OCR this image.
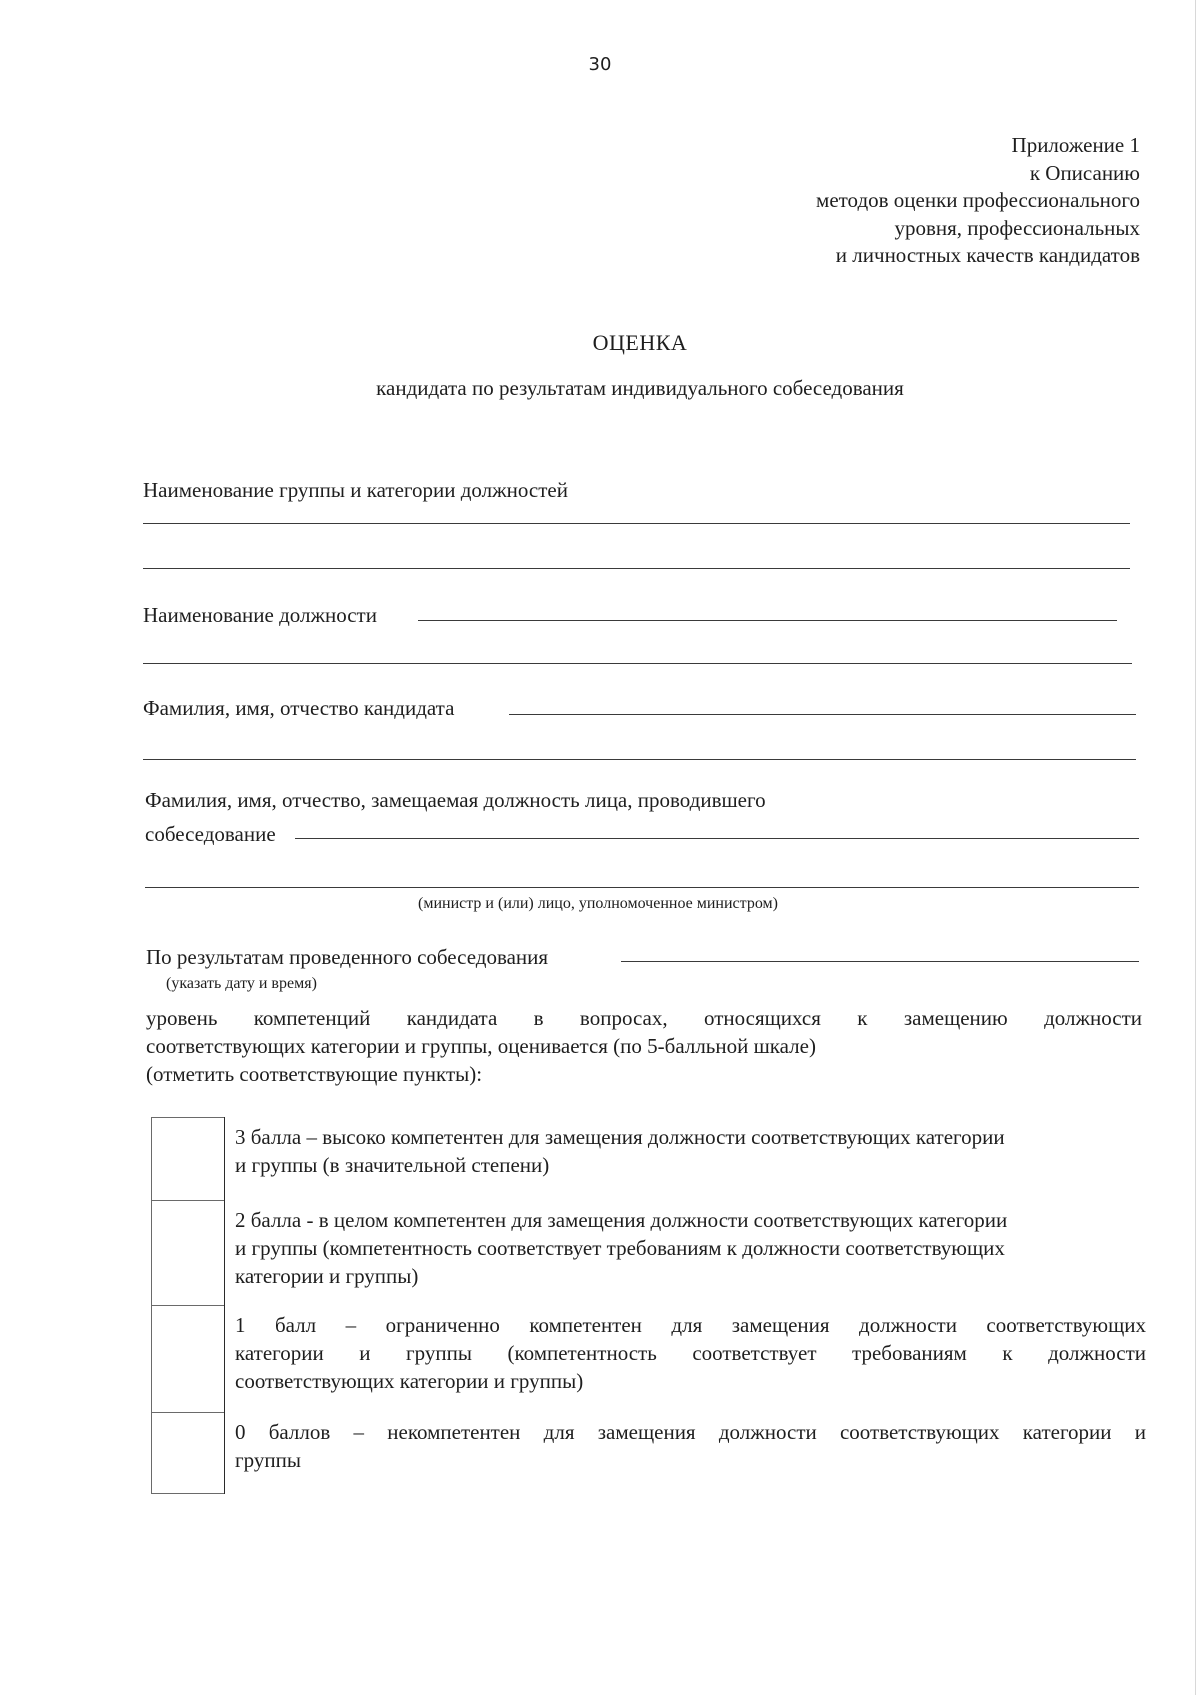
30
Приложение 1
к Описанию
методов оценки профессионального
уровня, профессиональных
и личностных качеств кандидатов
ОЦЕНКА
кандидата по результатам индивидуального собеседования
Наименование группы и категории должностей
Наименование должности
Фамилия, имя, отчество кандидата
Фамилия, имя, отчество, замещаемая должность лица, проводившего
собеседование
(министр и (или) лицо, уполномоченное министром)
По результатам проведенного собеседования
(указать дату и время)
уровень компетенций кандидата в вопросах, относящихся к замещению должности
соответствующих категории и группы, оценивается (по 5-балльной шкале)
(отметить соответствующие пункты):
3 балла – высоко компетентен для замещения должности соответствующих категории
и группы (в значительной степени)
2 балла - в целом компетентен для замещения должности соответствующих категории
и группы (компетентность соответствует требованиям к должности соответствующих
категории и группы)
1 балл – ограниченно компетентен для замещения должности соответствующих
категории и группы (компетентность соответствует требованиям к должности
соответствующих категории и группы)
0 баллов – некомпетентен для замещения должности соответствующих категории и
группы
